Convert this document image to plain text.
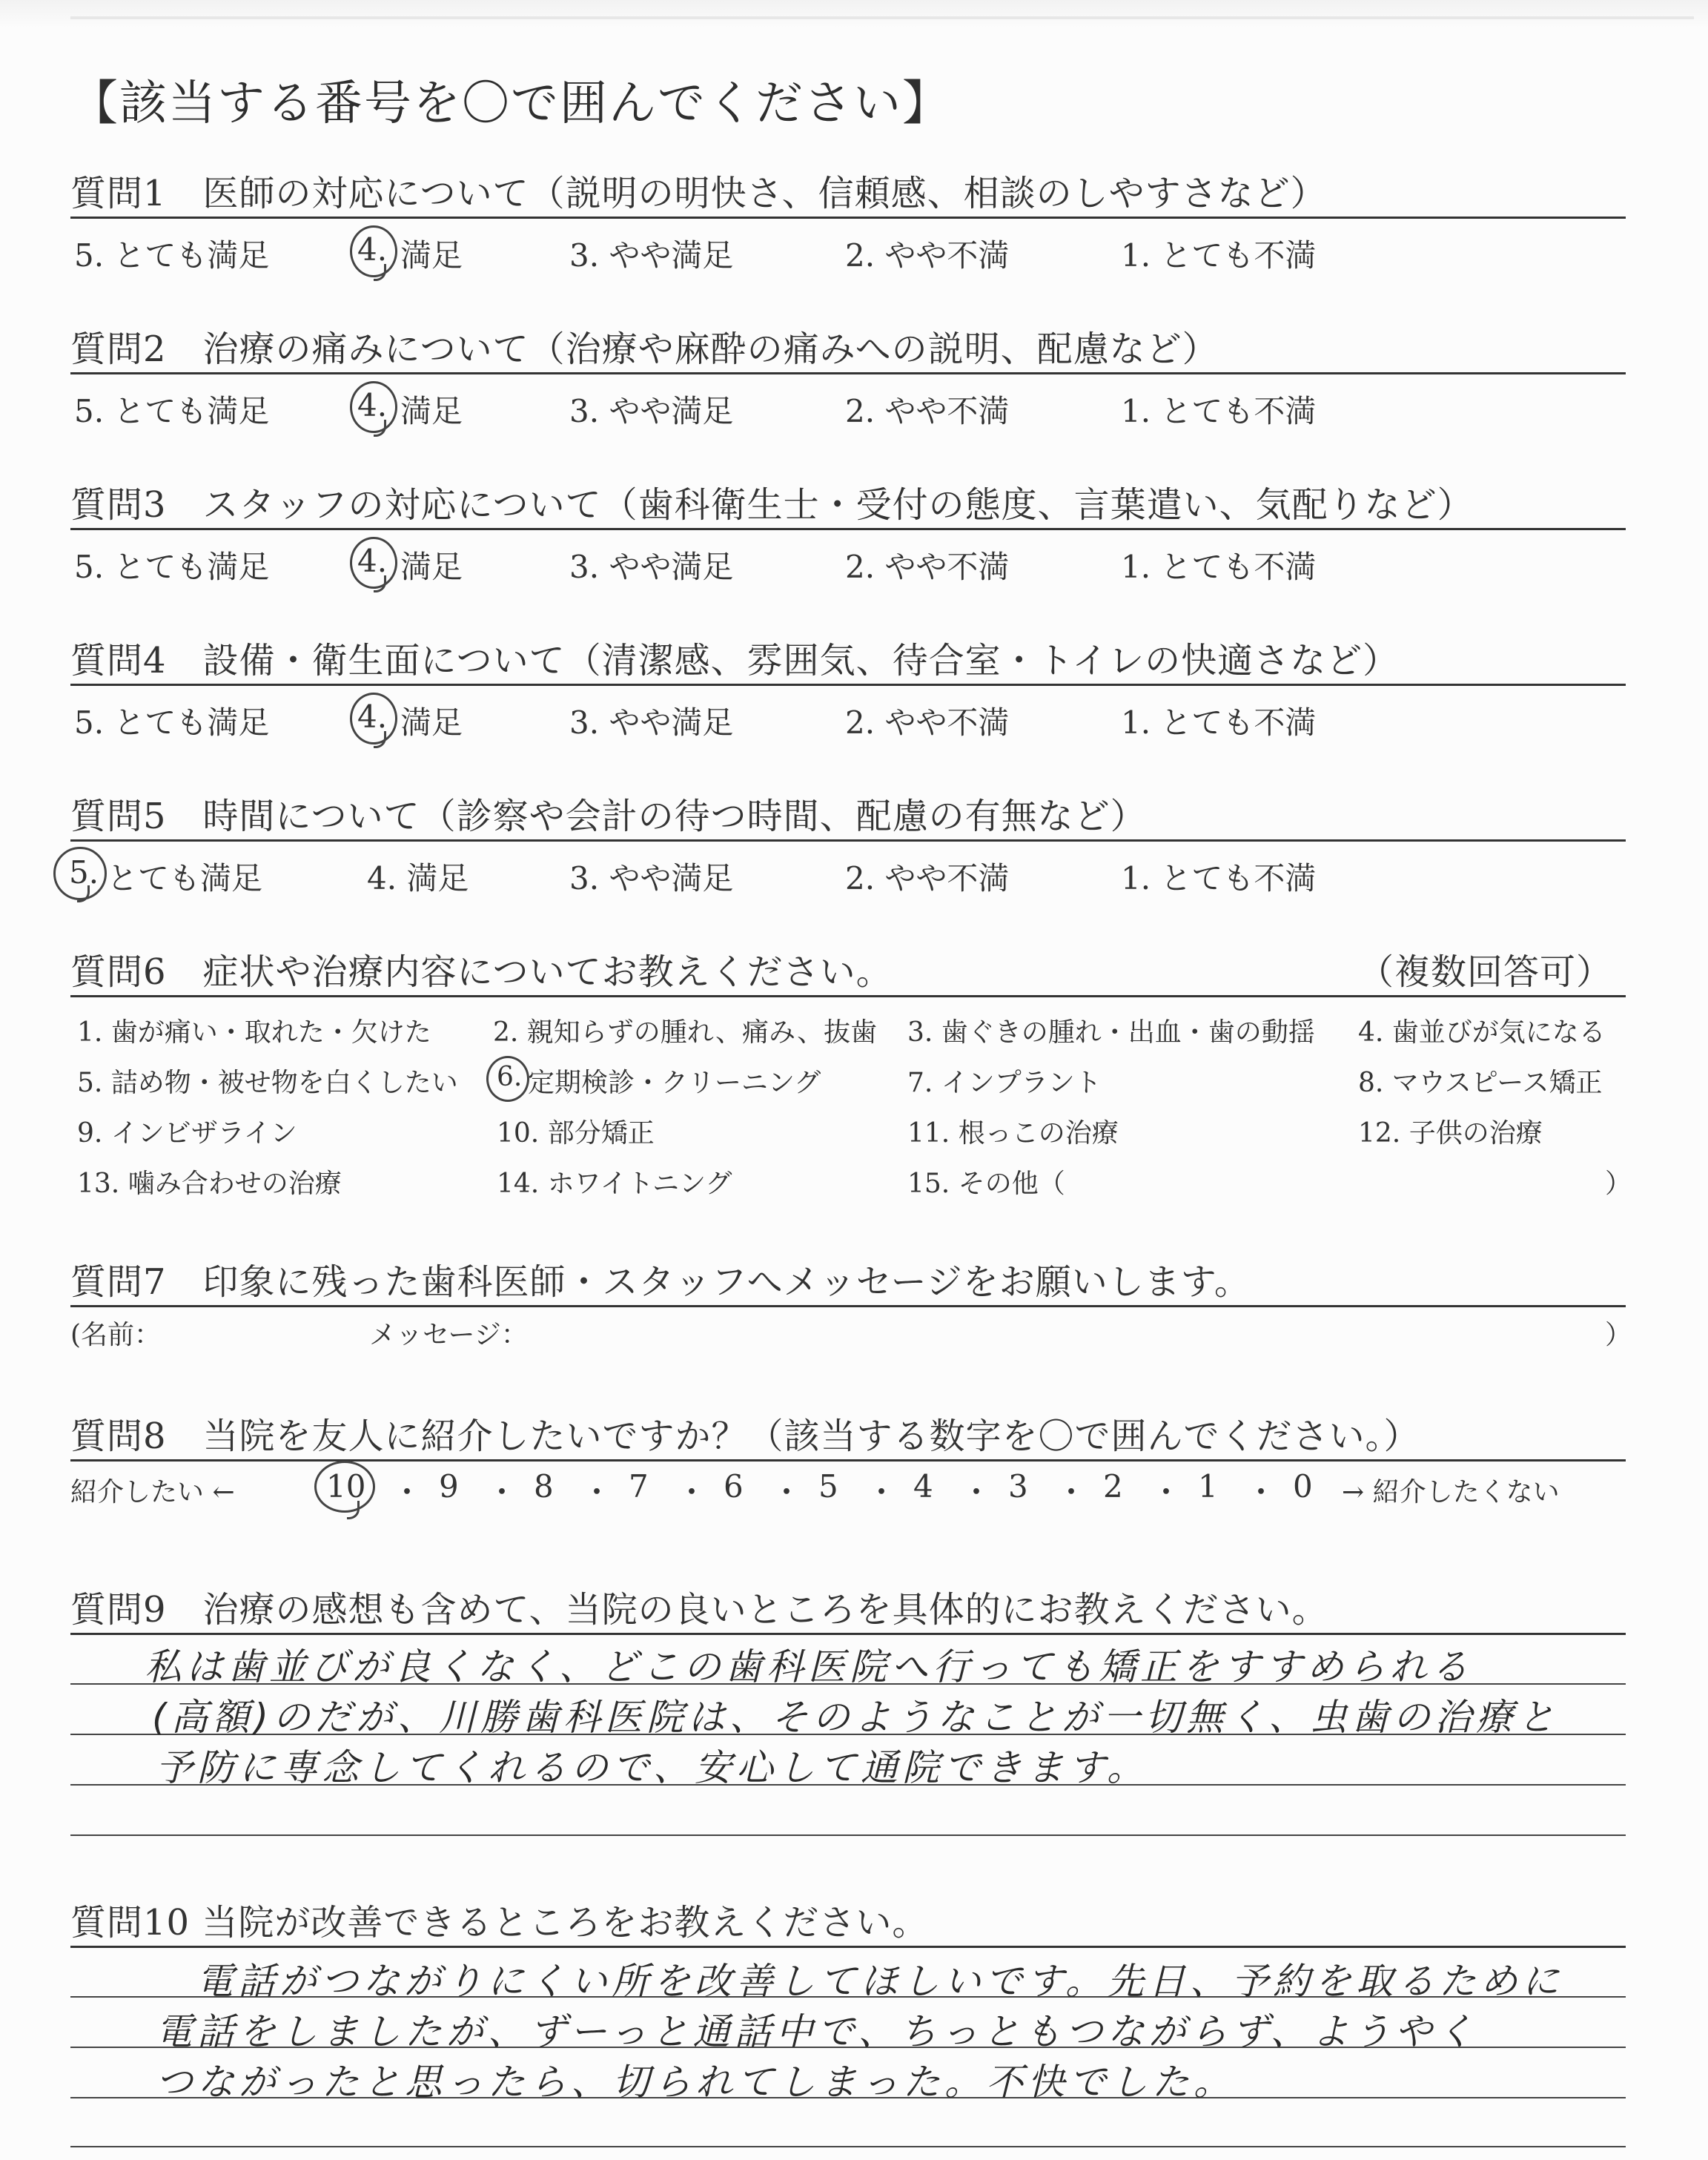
【該当する番号を〇で囲んでください】
質問1　医師の対応について（説明の明快さ、信頼感、相談のしやすさなど）
5. とても満足	4. 満足	3. やや満足	2. やや不満	1. とても不満
質問2　治療の痛みについて（治療や麻酔の痛みへの説明、配慮など）
5. とても満足	4. 満足	3. やや満足	2. やや不満	1. とても不満
質問3　スタッフの対応について（歯科衛生士・受付の態度、言葉遣い、気配りなど）
5. とても満足	4. 満足	3. やや満足	2. やや不満	1. とても不満
質問4　設備・衛生面について（清潔感、雰囲気、待合室・トイレの快適さなど）
5. とても満足	4. 満足	3. やや満足	2. やや不満	1. とても不満
質問5　時間について（診察や会計の待つ時間、配慮の有無など）
5. とても満足	4. 満足	3. やや満足	2. やや不満	1. とても不満
質問6　症状や治療内容についてお教えください。	（複数回答可）
1. 歯が痛い・取れた・欠けた 2. 親知らずの腫れ、痛み、抜歯 3. 歯ぐきの腫れ・出血・歯の動揺 4. 歯並びが気になる
5. 詰め物・被せ物を白くしたい 6. 定期検診・クリーニング	7. インプラント	8. マウスピース矯正
9. インビザライン	10. 部分矯正	11. 根っこの治療	12. 子供の治療
13. 噛み合わせの治療	14. ホワイトニング	15. その他（	）
質問7　印象に残った歯科医師・スタッフへメッセージをお願いします。
(名前：	メッセージ：	）
質問8　当院を友人に紹介したいですか？（該当する数字を〇で囲んでください。）
紹介したい ←	10 ・ 9 ・ 8 ・ 7 ・ 6 ・ 5 ・ 4 ・ 3 ・ 2 ・ 1 ・ 0 → 紹介したくない
質問9　治療の感想も含めて、当院の良いところを具体的にお教えください。
私は歯並びが良くなく、どこの歯科医院へ行っても矯正をすすめられる
(高額)のだが、川勝歯科医院は、そのようなことが一切無く、虫歯の治療と
予防に専念してくれるので、安心して通院できます。
質問10 当院が改善できるところをお教えください。
電話がつながりにくい所を改善してほしいです。先日、予約を取るために
電話をしましたが、ずーっと通話中で、ちっともつながらず、ようやく
つながったと思ったら、切られてしまった。不快でした。
